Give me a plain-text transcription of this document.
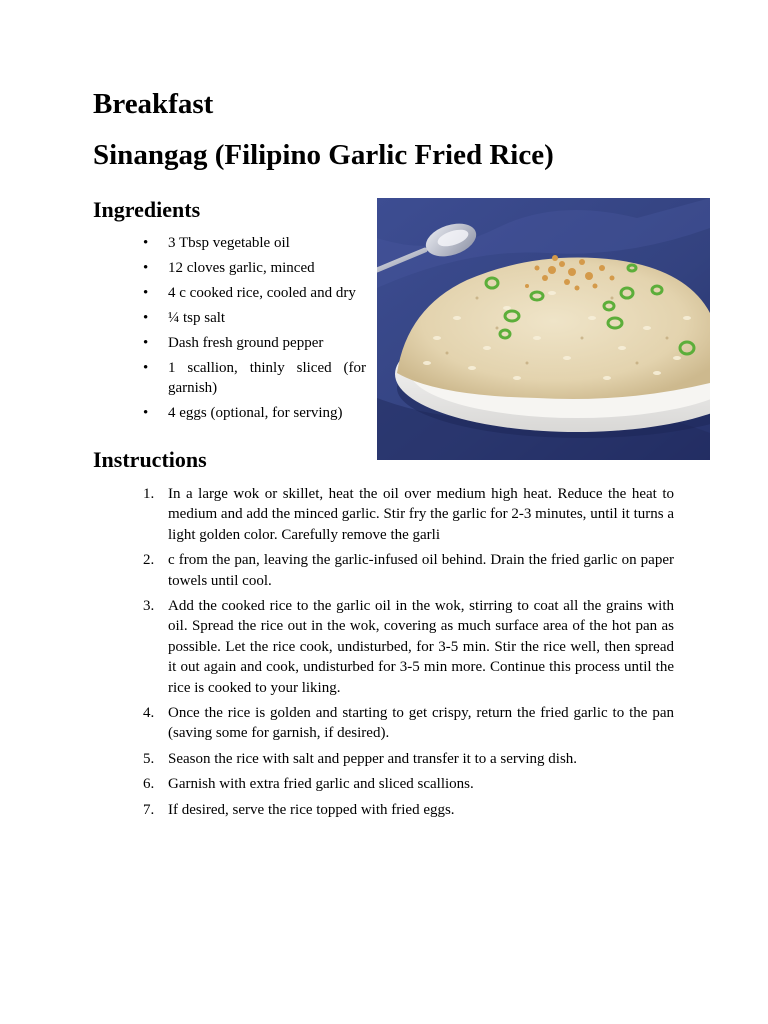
Breakfast
Sinangag (Filipino Garlic Fried Rice)
Ingredients
• 3 Tbsp vegetable oil
• 12 cloves garlic, minced
• 4 c cooked rice, cooled and dry
• ¼ tsp salt
• Dash fresh ground pepper
• 1 scallion, thinly sliced (for garnish)
• 4 eggs (optional, for serving)
Instructions
1. In a large wok or skillet, heat the oil over medium high heat. Reduce the heat to medium and add the minced garlic. Stir fry the garlic for 2-3 minutes, until it turns a light golden color. Carefully remove the garli
2. c from the pan, leaving the garlic-infused oil behind. Drain the fried garlic on paper towels until cool.
3. Add the cooked rice to the garlic oil in the wok, stirring to coat all the grains with oil. Spread the rice out in the wok, covering as much surface area of the hot pan as possible. Let the rice cook, undisturbed, for 3-5 min. Stir the rice well, then spread it out again and cook, undisturbed for 3-5 min more. Continue this process until the rice is cooked to your liking.
4. Once the rice is golden and starting to get crispy, return the fried garlic to the pan (saving some for garnish, if desired).
5. Season the rice with salt and pepper and transfer it to a serving dish.
6. Garnish with extra fried garlic and sliced scallions.
7. If desired, serve the rice topped with fried eggs.
